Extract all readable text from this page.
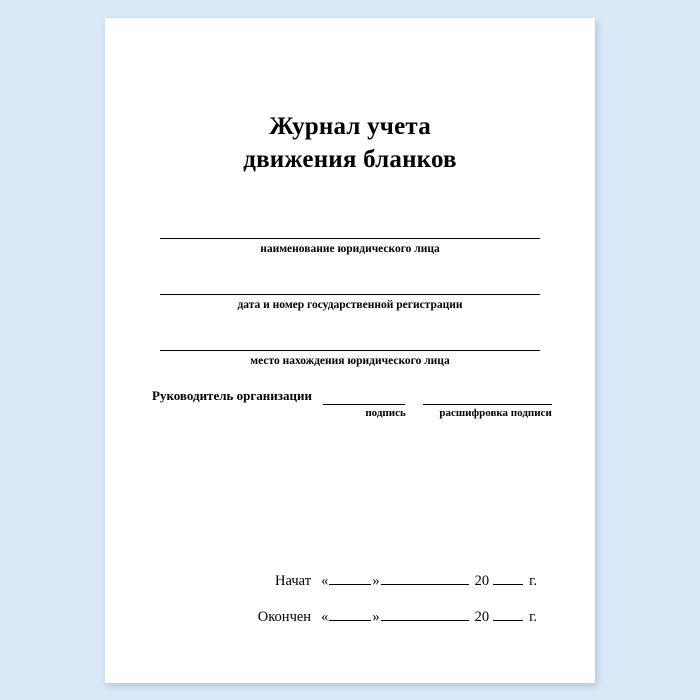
Журнал учета
движения бланков
наименование юридического лица
дата и номер государственной регистрации
место нахождения юридического лица
Руководитель организации
подпись	расшифровка подписи
Начат «	»	20	г.
Окончен «	»	20	г.
